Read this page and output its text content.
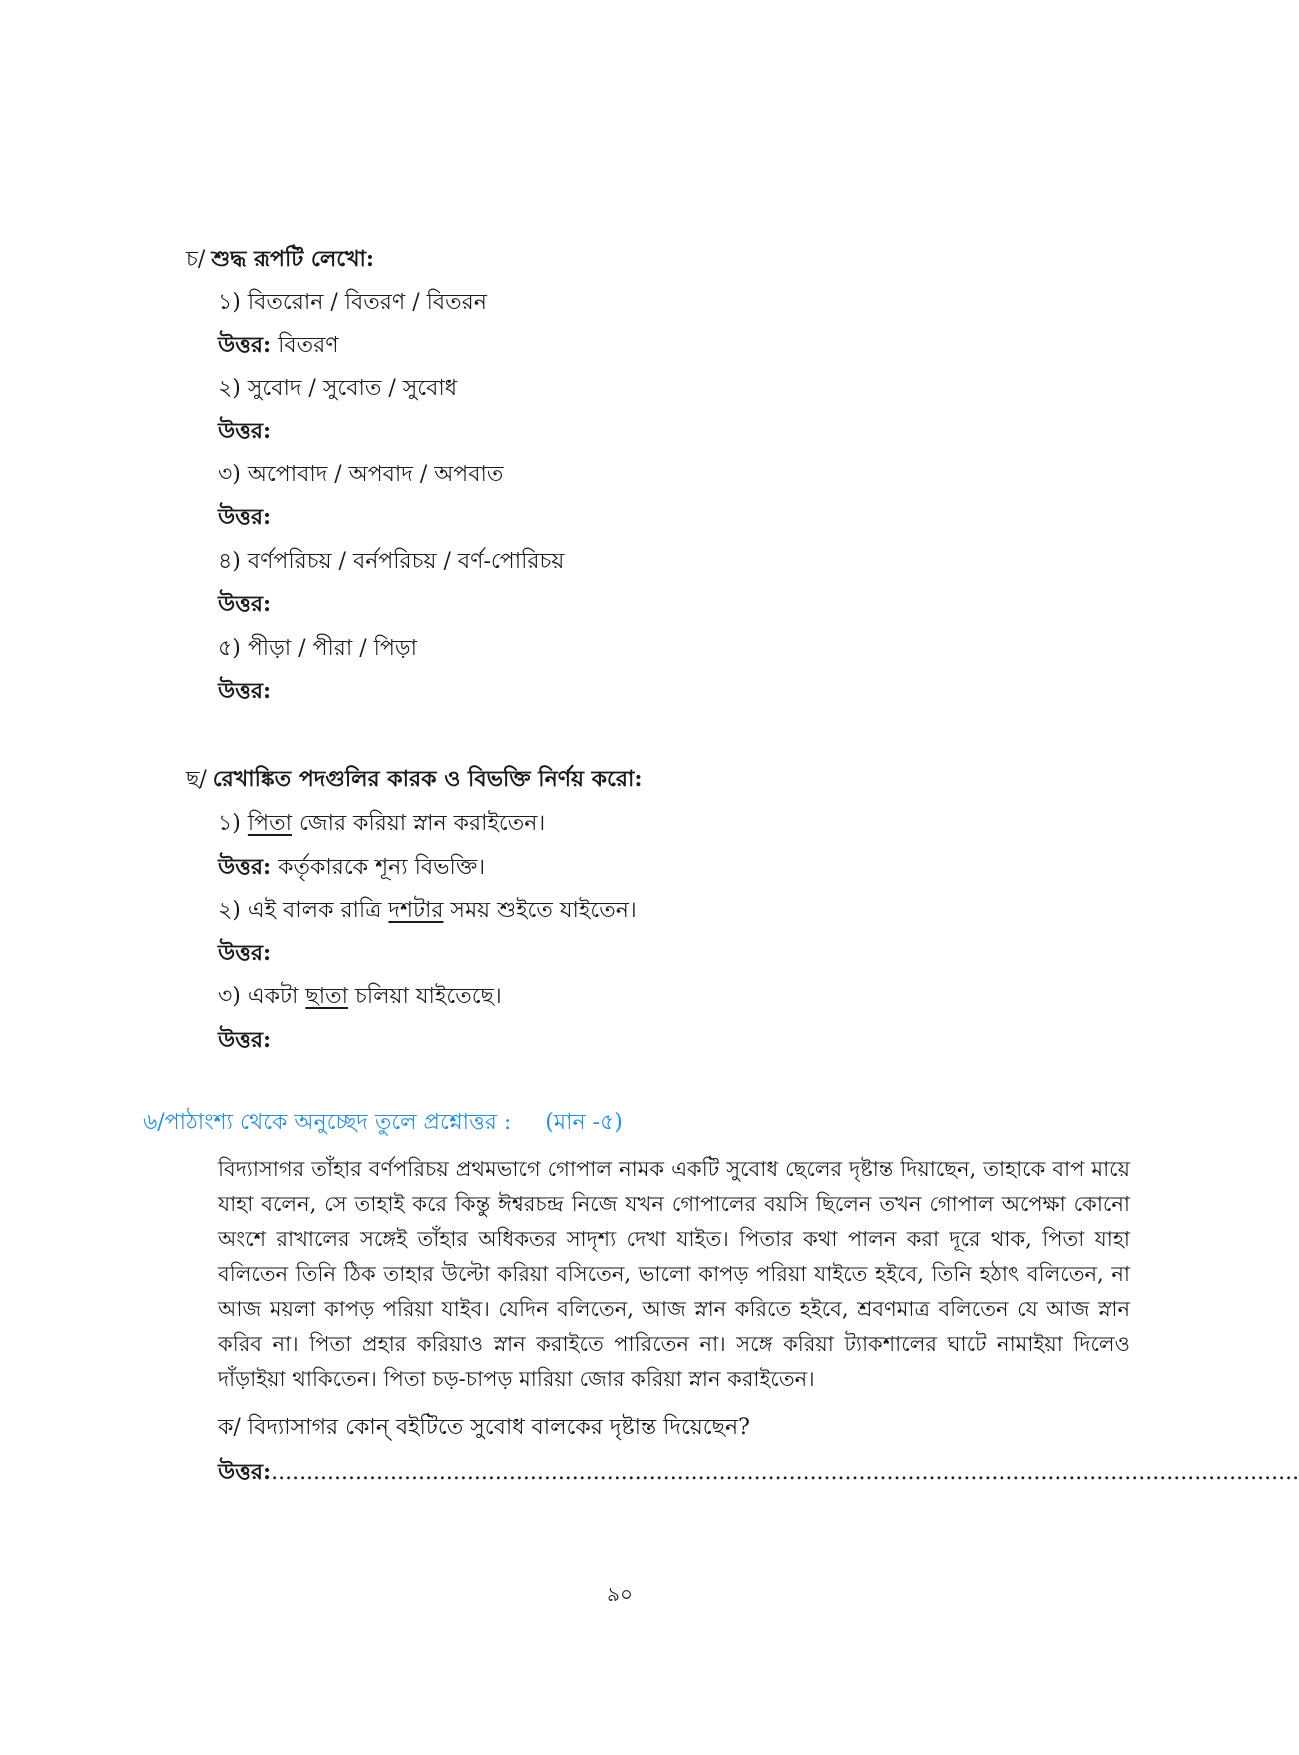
চ/ শুদ্ধ রূপটি লেখো:
১) বিতরোন / বিতরণ / বিতরন
উত্তর: বিতরণ
২) সুবোদ / সুবোত / সুবোধ
উত্তর:
৩) অপোবাদ / অপবাদ / অপবাত
উত্তর:
৪) বর্ণপরিচয় / বর্নপরিচয় / বর্ণ-পোরিচয়
উত্তর:
৫) পীড়া / পীরা / পিড়া
উত্তর:
ছ/ রেখাঙ্কিত পদগুলির কারক ও বিভক্তি নির্ণয় করো:
১) পিতা জোর করিয়া স্নান করাইতেন।
উত্তর: কর্তৃকারকে শূন্য বিভক্তি।
২) এই বালক রাত্রি দশটার সময় শুইতে যাইতেন।
উত্তর:
৩) একটা ছাতা চলিয়া যাইতেছে।
উত্তর:
৬/পাঠাংশ্য থেকে অনুচ্ছেদ তুলে প্রশ্নোত্তর : (মান -৫)
বিদ্যাসাগর তাঁহার বর্ণপরিচয় প্রথমভাগে গোপাল নামক একটি সুবোধ ছেলের দৃষ্টান্ত দিয়াছেন, তাহাকে বাপ মায়ে যাহা বলেন, সে তাহাই করে কিন্তু ঈশ্বরচন্দ্র নিজে যখন গোপালের বয়সি ছিলেন তখন গোপাল অপেক্ষা কোনো অংশে রাখালের সঙ্গেই তাঁহার অধিকতর সাদৃশ্য দেখা যাইত। পিতার কথা পালন করা দূরে থাক, পিতা যাহা বলিতেন তিনি ঠিক তাহার উল্টো করিয়া বসিতেন, ভালো কাপড় পরিয়া যাইতে হইবে, তিনি হঠাৎ বলিতেন, না আজ ময়লা কাপড় পরিয়া যাইব। যেদিন বলিতেন, আজ স্নান করিতে হইবে, শ্রবণমাত্র বলিতেন যে আজ স্নান করিব না। পিতা প্রহার করিয়াও স্নান করাইতে পারিতেন না। সঙ্গে করিয়া ট্যাকশালের ঘাটে নামাইয়া দিলেও দাঁড়াইয়া থাকিতেন। পিতা চড়-চাপড় মারিয়া জোর করিয়া স্নান করাইতেন।
ক/ বিদ্যাসাগর কোন্ বইটিতে সুবোধ বালকের দৃষ্টান্ত দিয়েছেন?
উত্তর:...................................................................................................................................................
৯০
